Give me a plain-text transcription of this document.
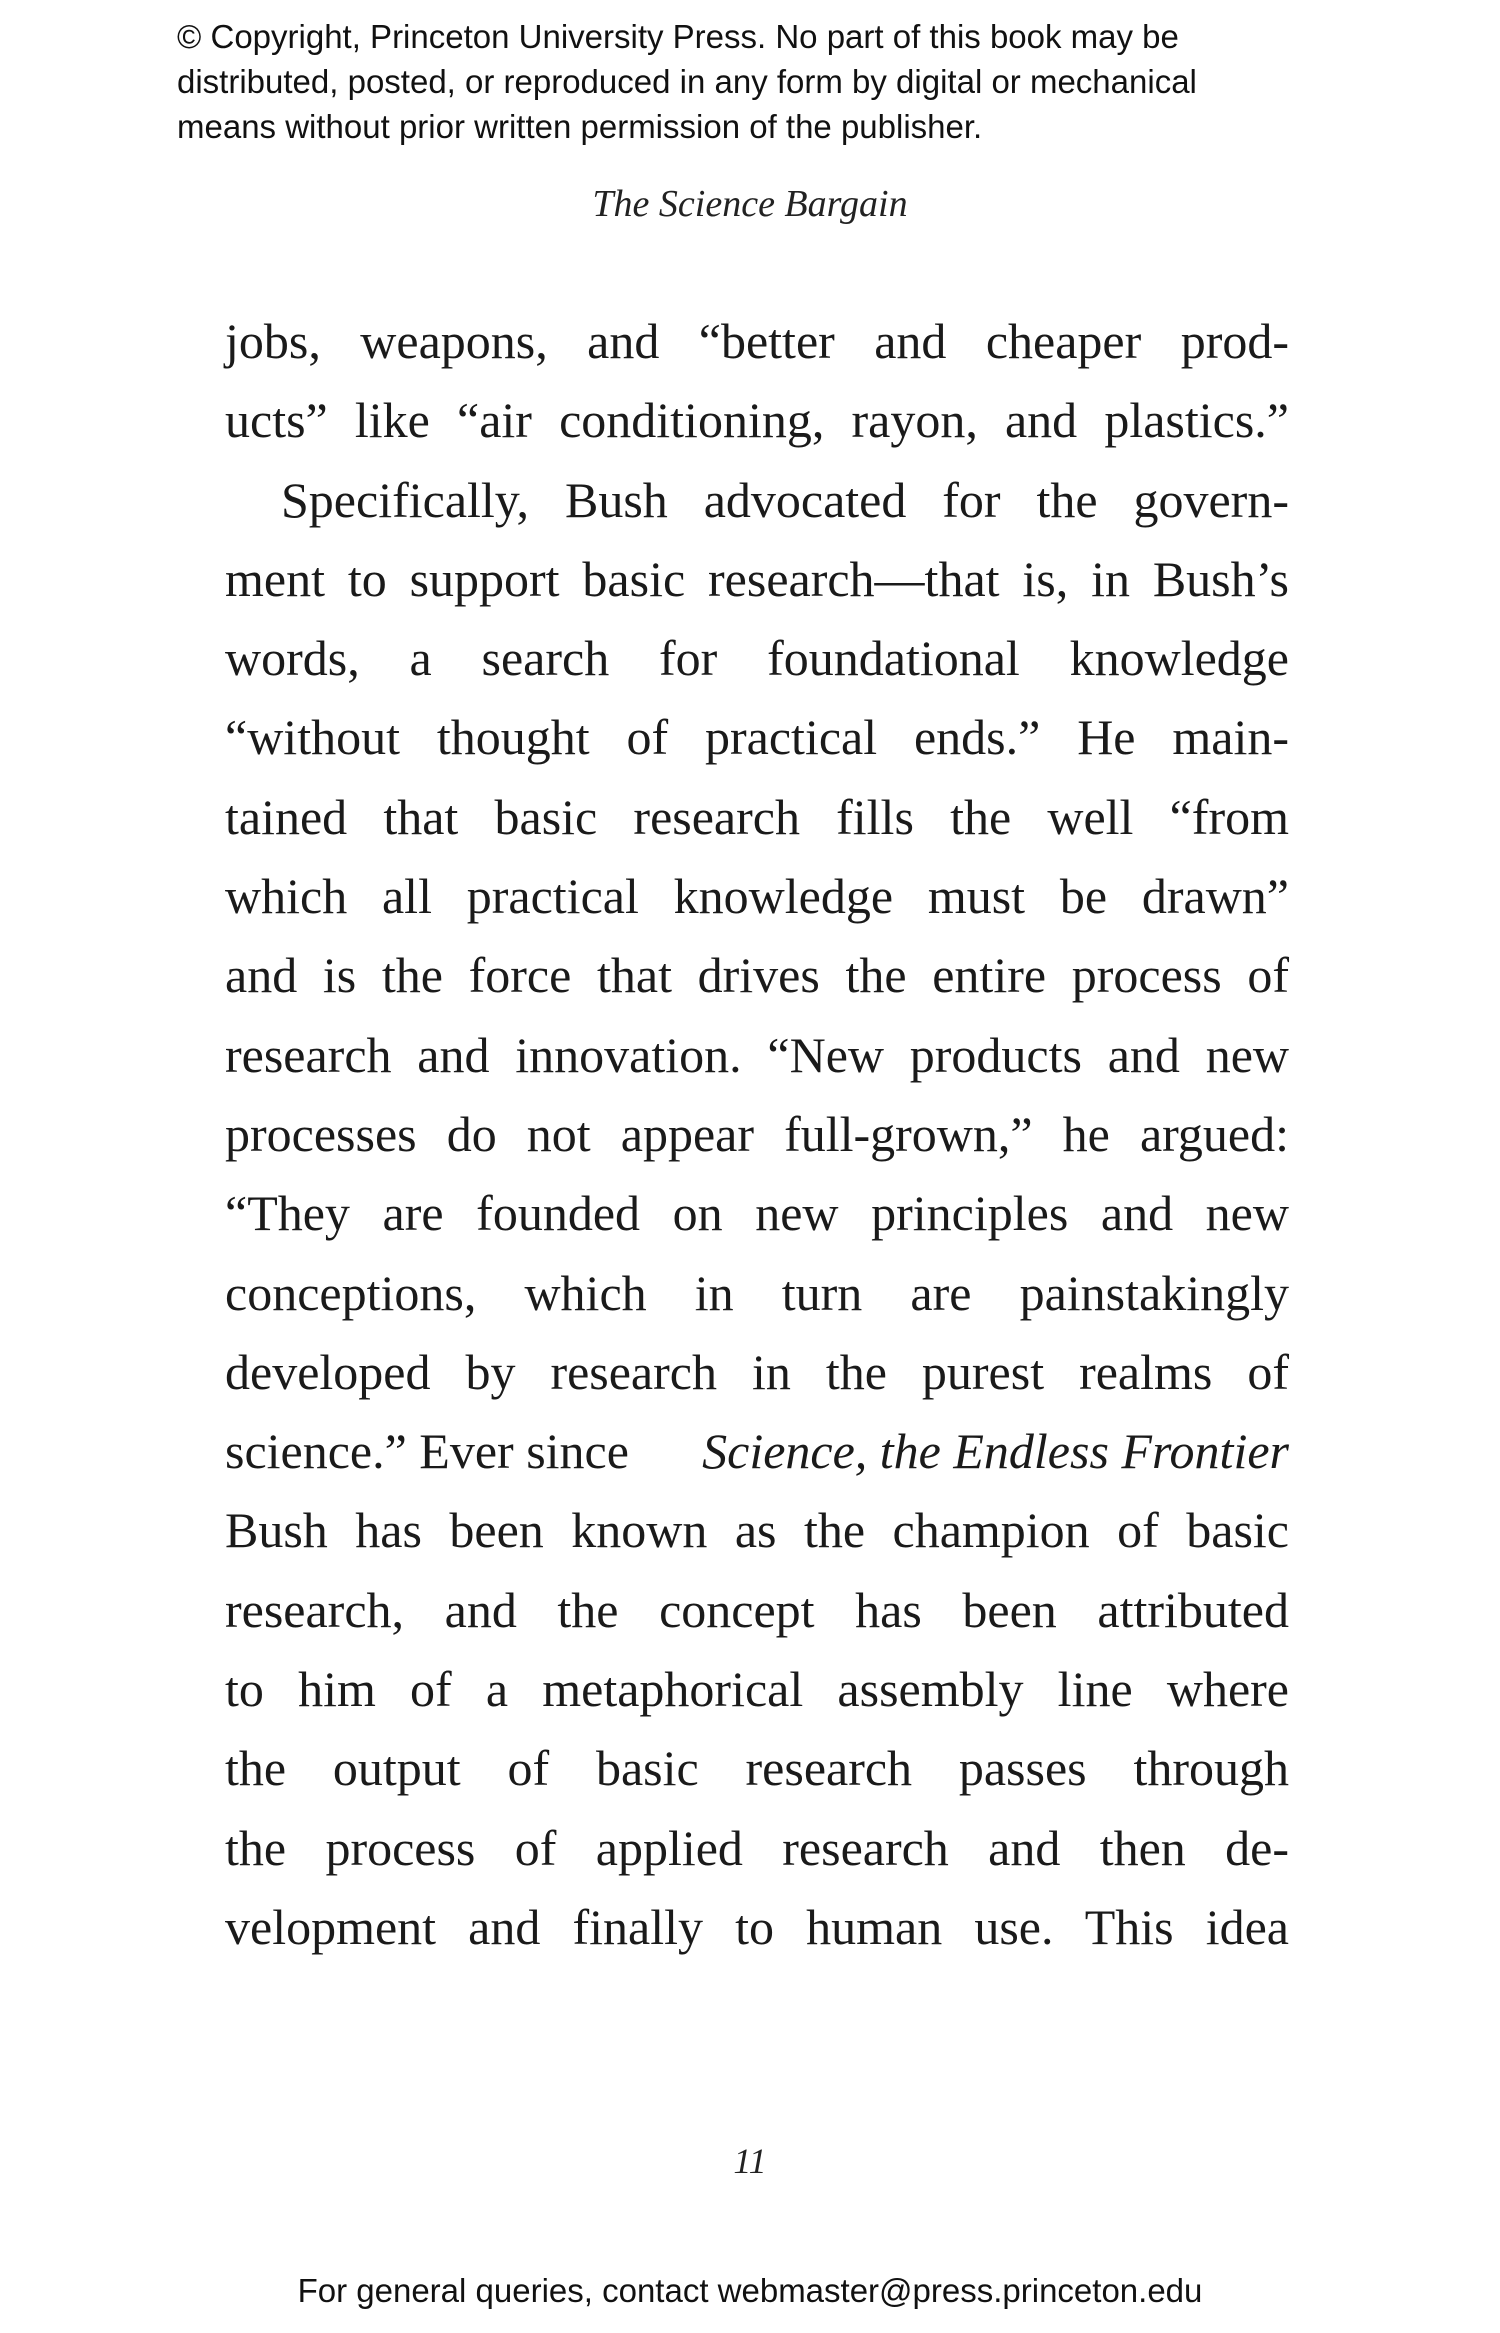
© Copyright, Princeton University Press. No part of this book may be
distributed, posted, or reproduced in any form by digital or mechanical
means without prior written permission of the publisher.
The Science Bargain
jobs, weapons, and “better and cheaper prod-
ucts” like “air conditioning, rayon, and plastics.”
Specifically, Bush advocated for the govern-
ment to support basic research—that is, in Bush’s
words, a search for foundational knowledge
“without thought of practical ends.” He main-
tained that basic research fills the well “from
which all practical knowledge must be drawn”
and is the force that drives the entire process of
research and innovation. “New products and new
processes do not appear full-grown,” he argued:
“They are founded on new principles and new
conceptions, which in turn are painstakingly
developed by research in the purest realms of
science.” Ever since Science, the Endless Frontier
Bush has been known as the champion of basic
research, and the concept has been attributed
to him of a metaphorical assembly line where
the output of basic research passes through
the process of applied research and then de-
velopment and finally to human use. This idea
11
For general queries, contact webmaster@press.princeton.edu
